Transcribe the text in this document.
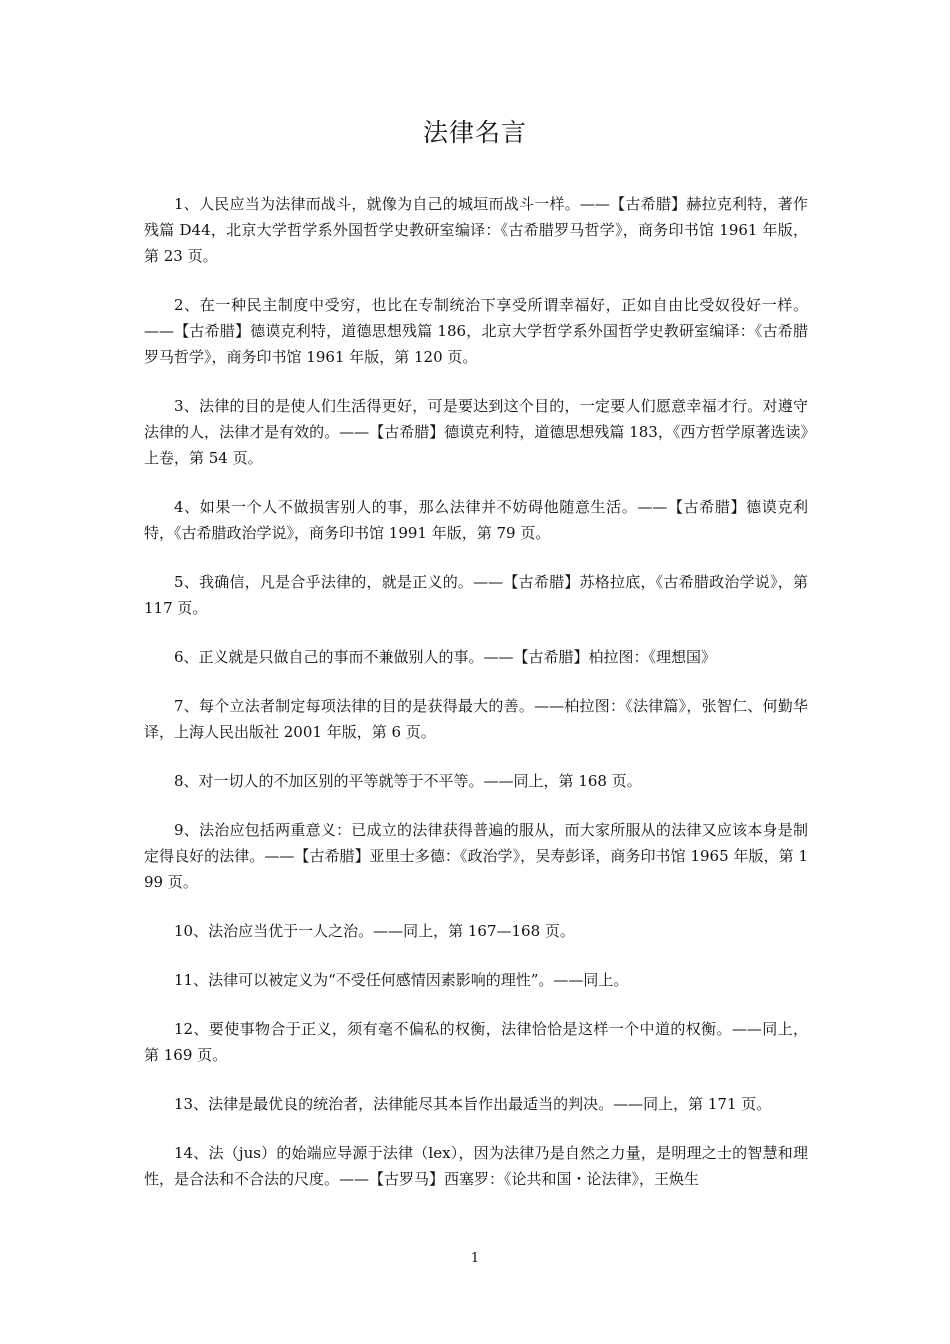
法律名言

1、人民应当为法律而战斗，就像为自己的城垣而战斗一样。——【古希腊】赫拉克利特，著作残篇 D44，北京大学哲学系外国哲学史教研室编译：《古希腊罗马哲学》，商务印书馆 1961 年版，第 23 页。

2、在一种民主制度中受穷，也比在专制统治下享受所谓幸福好，正如自由比受奴役好一样。——【古希腊】德谟克利特，道德思想残篇 186，北京大学哲学系外国哲学史教研室编译：《古希腊罗马哲学》，商务印书馆 1961 年版，第 120 页。

3、法律的目的是使人们生活得更好，可是要达到这个目的，一定要人们愿意幸福才行。对遵守法律的人，法律才是有效的。——【古希腊】德谟克利特，道德思想残篇 183，《西方哲学原著选读》上卷，第 54 页。

4、如果一个人不做损害别人的事，那么法律并不妨碍他随意生活。——【古希腊】德谟克利特，《古希腊政治学说》，商务印书馆 1991 年版，第 79 页。

5、我确信，凡是合乎法律的，就是正义的。——【古希腊】苏格拉底，《古希腊政治学说》，第 117 页。

6、正义就是只做自己的事而不兼做别人的事。——【古希腊】柏拉图：《理想国》

7、每个立法者制定每项法律的目的是获得最大的善。——柏拉图：《法律篇》，张智仁、何勤华译，上海人民出版社 2001 年版，第 6 页。

8、对一切人的不加区别的平等就等于不平等。——同上，第 168 页。

9、法治应包括两重意义：已成立的法律获得普遍的服从，而大家所服从的法律又应该本身是制定得良好的法律。——【古希腊】亚里士多德：《政治学》，吴寿彭译，商务印书馆 1965 年版，第 199 页。

10、法治应当优于一人之治。——同上，第 167—168 页。

11、法律可以被定义为“不受任何感情因素影响的理性”。——同上。

12、要使事物合于正义，须有毫不偏私的权衡，法律恰恰是这样一个中道的权衡。——同上，第 169 页。

13、法律是最优良的统治者，法律能尽其本旨作出最适当的判决。——同上，第 171 页。

14、法（jus）的始端应导源于法律（lex），因为法律乃是自然之力量，是明理之士的智慧和理性，是合法和不合法的尺度。——【古罗马】西塞罗：《论共和国・论法律》，王焕生

1
